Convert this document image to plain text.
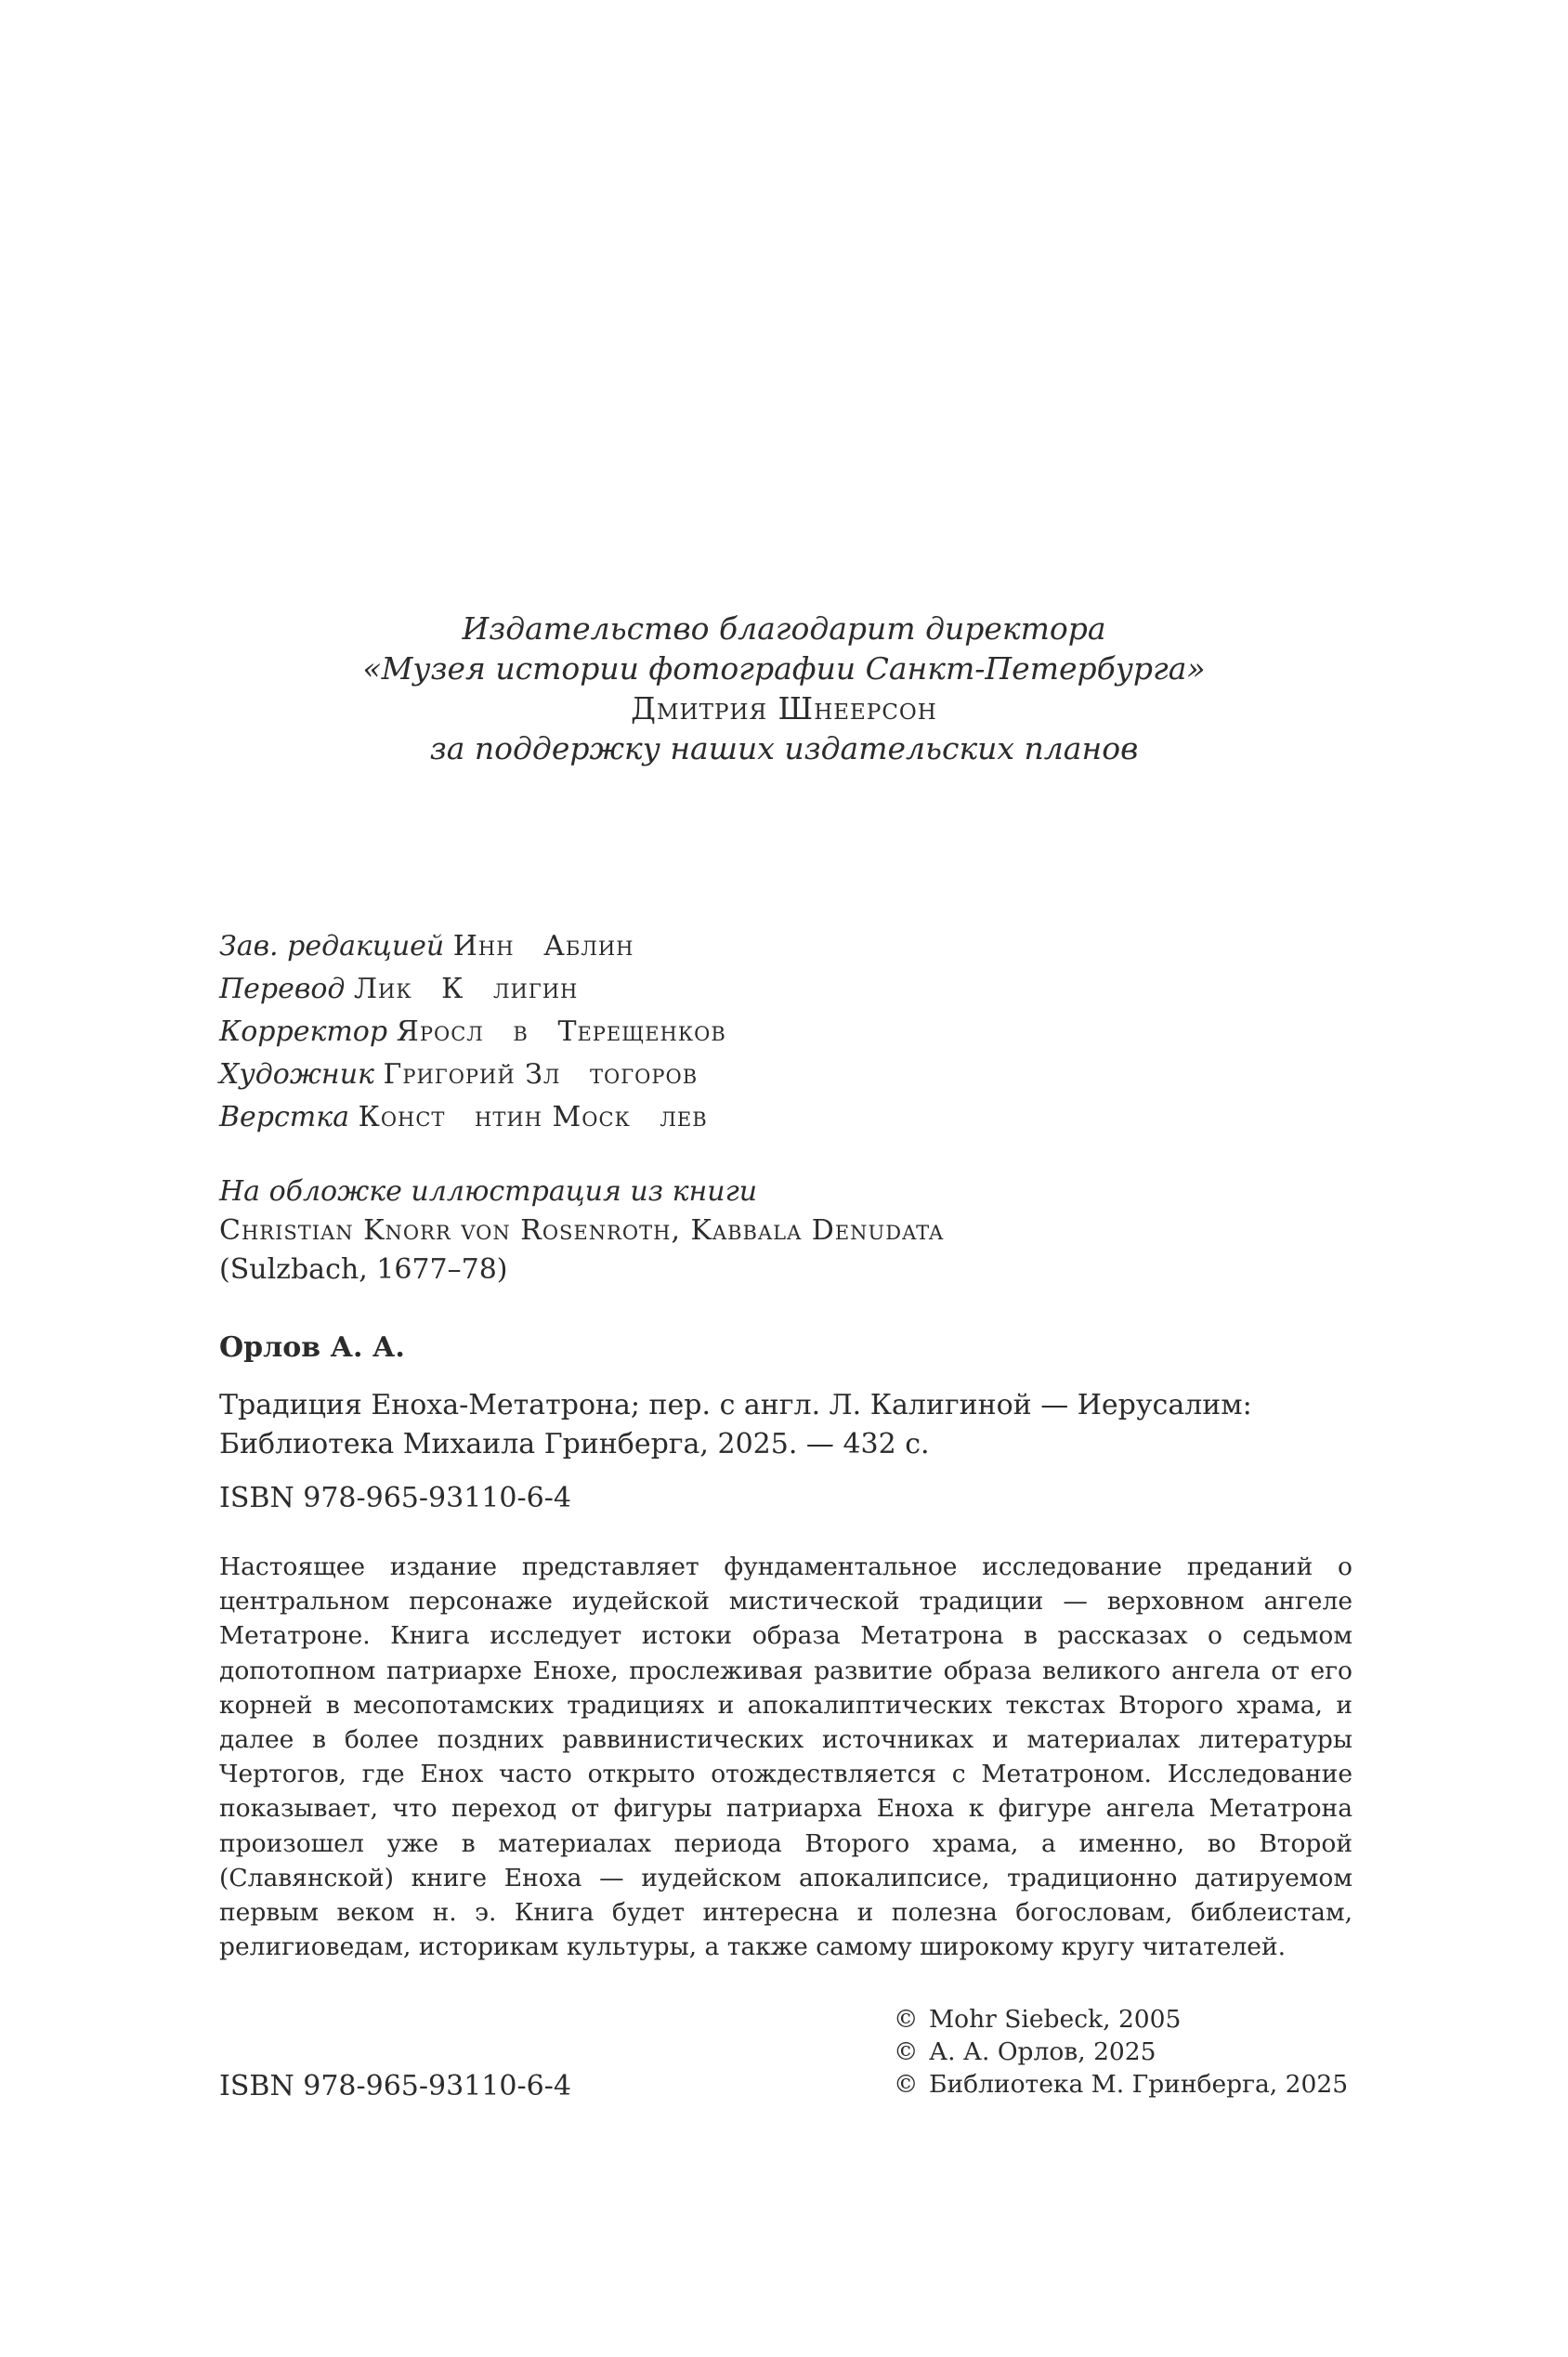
Издательство благодарит директора
«Музея истории фотографии Санкт-Петербурга»
Дмитрия Шнеерсон
за поддержку наших издательских планов
Зав. редакцией Инн   Аблин
Перевод Лик   К   лигин
Корректор Яросл   в   Терещенков
Художник Григорий Зл   тогоров
Верстка Конст   нтин Моск   лев
На обложке иллюстрация из книги
Christian Knorr von Rosenroth, Kabbala Denudata
(Sulzbach, 1677–78)
Орлов А. А.
Традиция Еноха-Метатрона; пер. с англ. Л. Калигиной — Иерусалим: Библиотека Михаила Гринберга, 2025. — 432 с.
ISBN 978-965-93110-6-4
Настоящее издание представляет фундаментальное исследование преданий о центральном персонаже иудейской мистической традиции — верховном ангеле Метатроне. Книга исследует истоки образа Метатрона в рассказах о седьмом допотопном патриархе Енохе, прослеживая развитие образа великого ангела от его корней в месопотамских традициях и апокалиптических текстах Второго храма, и далее в более поздних раввинистических источниках и материалах литературы Чертогов, где Енох часто открыто отождествляется с Метатроном. Исследование показывает, что переход от фигуры патриарха Еноха к фигуре ангела Метатрона произошел уже в материалах периода Второго храма, а именно, во Второй (Славянской) книге Еноха — иудейском апокалипсисе, традиционно датируемом первым веком н. э. Книга будет интересна и полезна богословам, библеистам, религиоведам, историкам культуры, а также самому широкому кругу читателей.
ISBN 978-965-93110-6-4
© Mohr Siebeck, 2005
© А. А. Орлов, 2025
© Библиотека М. Гринберга, 2025
